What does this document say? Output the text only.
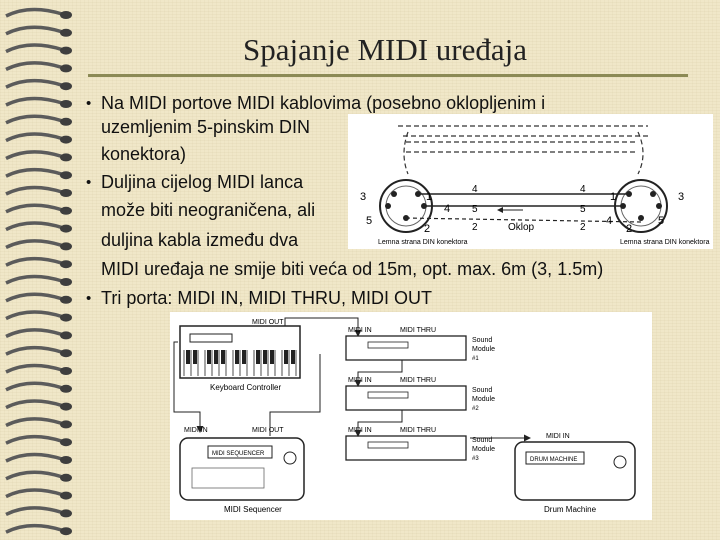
Spajanje MIDI uređaja
• Na MIDI portove MIDI kablovima (posebno oklopljenim i
uzemljenim 5-pinskim DIN
konektora)
• Duljina cijelog MIDI lanca
može biti neograničena, ali
duljina kabla između dva
MIDI uređaja ne smije biti veća od 15m, opt. max. 6m (3, 1.5m)
• Tri porta: MIDI IN, MIDI THRU, MIDI OUT
3	1
5
4
2
1	3
4	5
2
4
5
2
4
5
2
Oklop
Lemna strana DIN konektora	Lemna strana DIN konektora
MIDI OUT
Keyboard Controller
MIDI SEQUENCER
MIDI IN	MIDI OUT
MIDI Sequencer
MIDI IN	MIDI THRU
Sound
Module
#1
MIDI IN	MIDI THRU
Sound
Module
#2
MIDI IN	MIDI THRU
Sound
Module
#3
MIDI IN
DRUM MACHINE
Drum Machine
